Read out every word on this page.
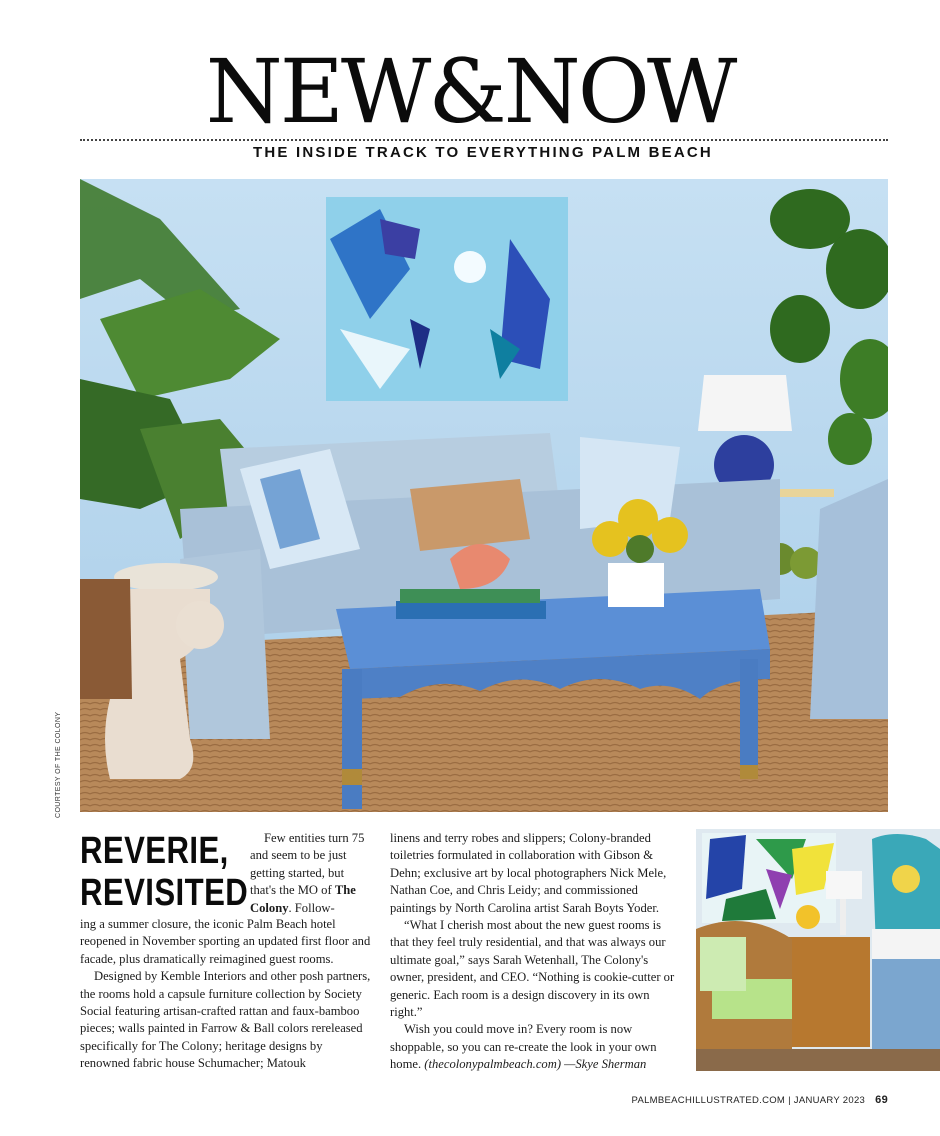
NEW&NOW
THE INSIDE TRACK TO EVERYTHING PALM BEACH
COURTESY OF THE COLONY
REVERIE,
REVISITED

Few entities turn 75 and seem to be just getting started, but that's the MO of The Colony. Follow-

ing a summer closure, the iconic Palm Beach hotel reopened in November sporting an updated first floor and facade, plus dramatically reimagined guest rooms.

Designed by Kemble Interiors and other posh partners, the rooms hold a capsule furniture collection by Society Social featuring artisan-crafted rattan and faux-bamboo pieces; walls painted in Farrow & Ball colors rereleased specifically for The Colony; heritage designs by renowned fabric house Schumacher; Matouk

linens and terry robes and slippers; Colony-branded toiletries formulated in collaboration with Gibson & Dehn; exclusive art by local photographers Nick Mele, Nathan Coe, and Chris Leidy; and commissioned paintings by North Carolina artist Sarah Boyts Yoder.

“What I cherish most about the new guest rooms is that they feel truly residential, and that was always our ultimate goal,” says Sarah Wetenhall, The Colony's owner, president, and CEO. “Nothing is cookie-cutter or generic. Each room is a design discovery in its own right.”

Wish you could move in? Every room is now shoppable, so you can re-create the look in your own home. (thecolonypalmbeach.com) —Skye Sherman

PALMBEACHILLUSTRATED.COM | JANUARY 2023 69
